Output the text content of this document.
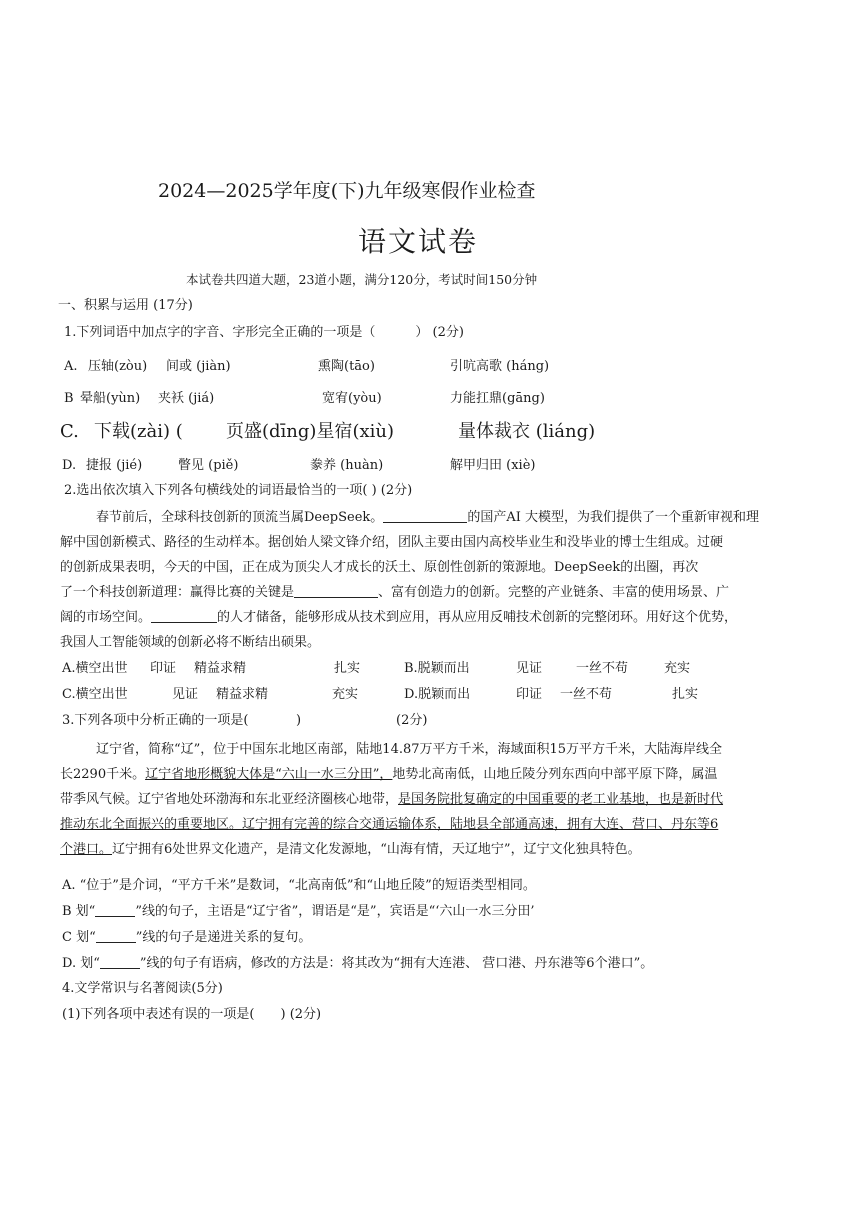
2024—2025学年度(下)九年级寒假作业检查
语文试卷
本试卷共四道大题，23道小题，满分120分，考试时间150分钟
一、积累与运用 (17分)
1.下列词语中加点字的字音、字形完全正确的一项是（	） (2分)
A. 压轴(zòu) 间或 (jiàn)	熏陶(tāo)	引吭高歌 (háng)
B 晕船(yùn) 夹袄 (jiá)	宽宥(yòu)	力能扛鼎(gāng)
C. 下载(zài) ( 页盛(dīng)星宿(xiù)	量体裁衣 (liáng)
D. 捷报 (jié)	瞥见 (piě)	豢养 (huàn)	解甲归田 (xiè)
2.选出依次填入下列各句横线处的词语最恰当的一项( ) (2分)
春节前后，全球科技创新的顶流当属DeepSeek。	的国产AI 大模型，为我们提供了一个重新审视和理
解中国创新模式、路径的生动样本。据创始人梁文锋介绍，团队主要由国内高校毕业生和没毕业的博士生组成。过硬
的创新成果表明，今天的中国，正在成为顶尖人才成长的沃土、原创性创新的策源地。DeepSeek的出圈，再次
了一个科技创新道理：赢得比赛的关键是	、富有创造力的创新。完整的产业链条、丰富的使用场景、广
阔的市场空间。	的人才储备，能够形成从技术到应用，再从应用反哺技术创新的完整闭环。用好这个优势，
我国人工智能领域的创新必将不断结出硕果。
A.横空出世 印证 精益求精	扎实	B.脱颖而出	见证	一丝不苟	充实
C.横空出世	见证 精益求精	充实	D.脱颖而出	印证 一丝不苟	扎实
3.下列各项中分析正确的一项是(	)	(2分)
辽宁省，简称“辽”，位于中国东北地区南部，陆地14.87万平方千米，海域面积15万平方千米，大陆海岸线全
长2290千米。辽宁省地形概貌大体是“六山一水三分田”，地势北高南低，山地丘陵分列东西向中部平原下降，属温
带季风气候。辽宁省地处环渤海和东北亚经济圈核心地带，是国务院批复确定的中国重要的老工业基地，也是新时代
推动东北全面振兴的重要地区。辽宁拥有完善的综合交通运输体系，陆地县全部通高速，拥有大连、营口、丹东等6
个港口。辽宁拥有6处世界文化遗产，是清文化发源地，“山海有情，天辽地宁”，辽宁文化独具特色。
A. “位于”是介词，“平方千米”是数词，“北高南低”和“山地丘陵”的短语类型相同。
B 划“	”线的句子，主语是“辽宁省”，谓语是“是”，宾语是“‘六山一水三分田’
C 划“	”线的句子是递进关系的复句。
D. 划“	”线的句子有语病，修改的方法是：将其改为“拥有大连港、 营口港、丹东港等6个港口”。
4.文学常识与名著阅读(5分)
(1)下列各项中表述有误的一项是( ) (2分)
